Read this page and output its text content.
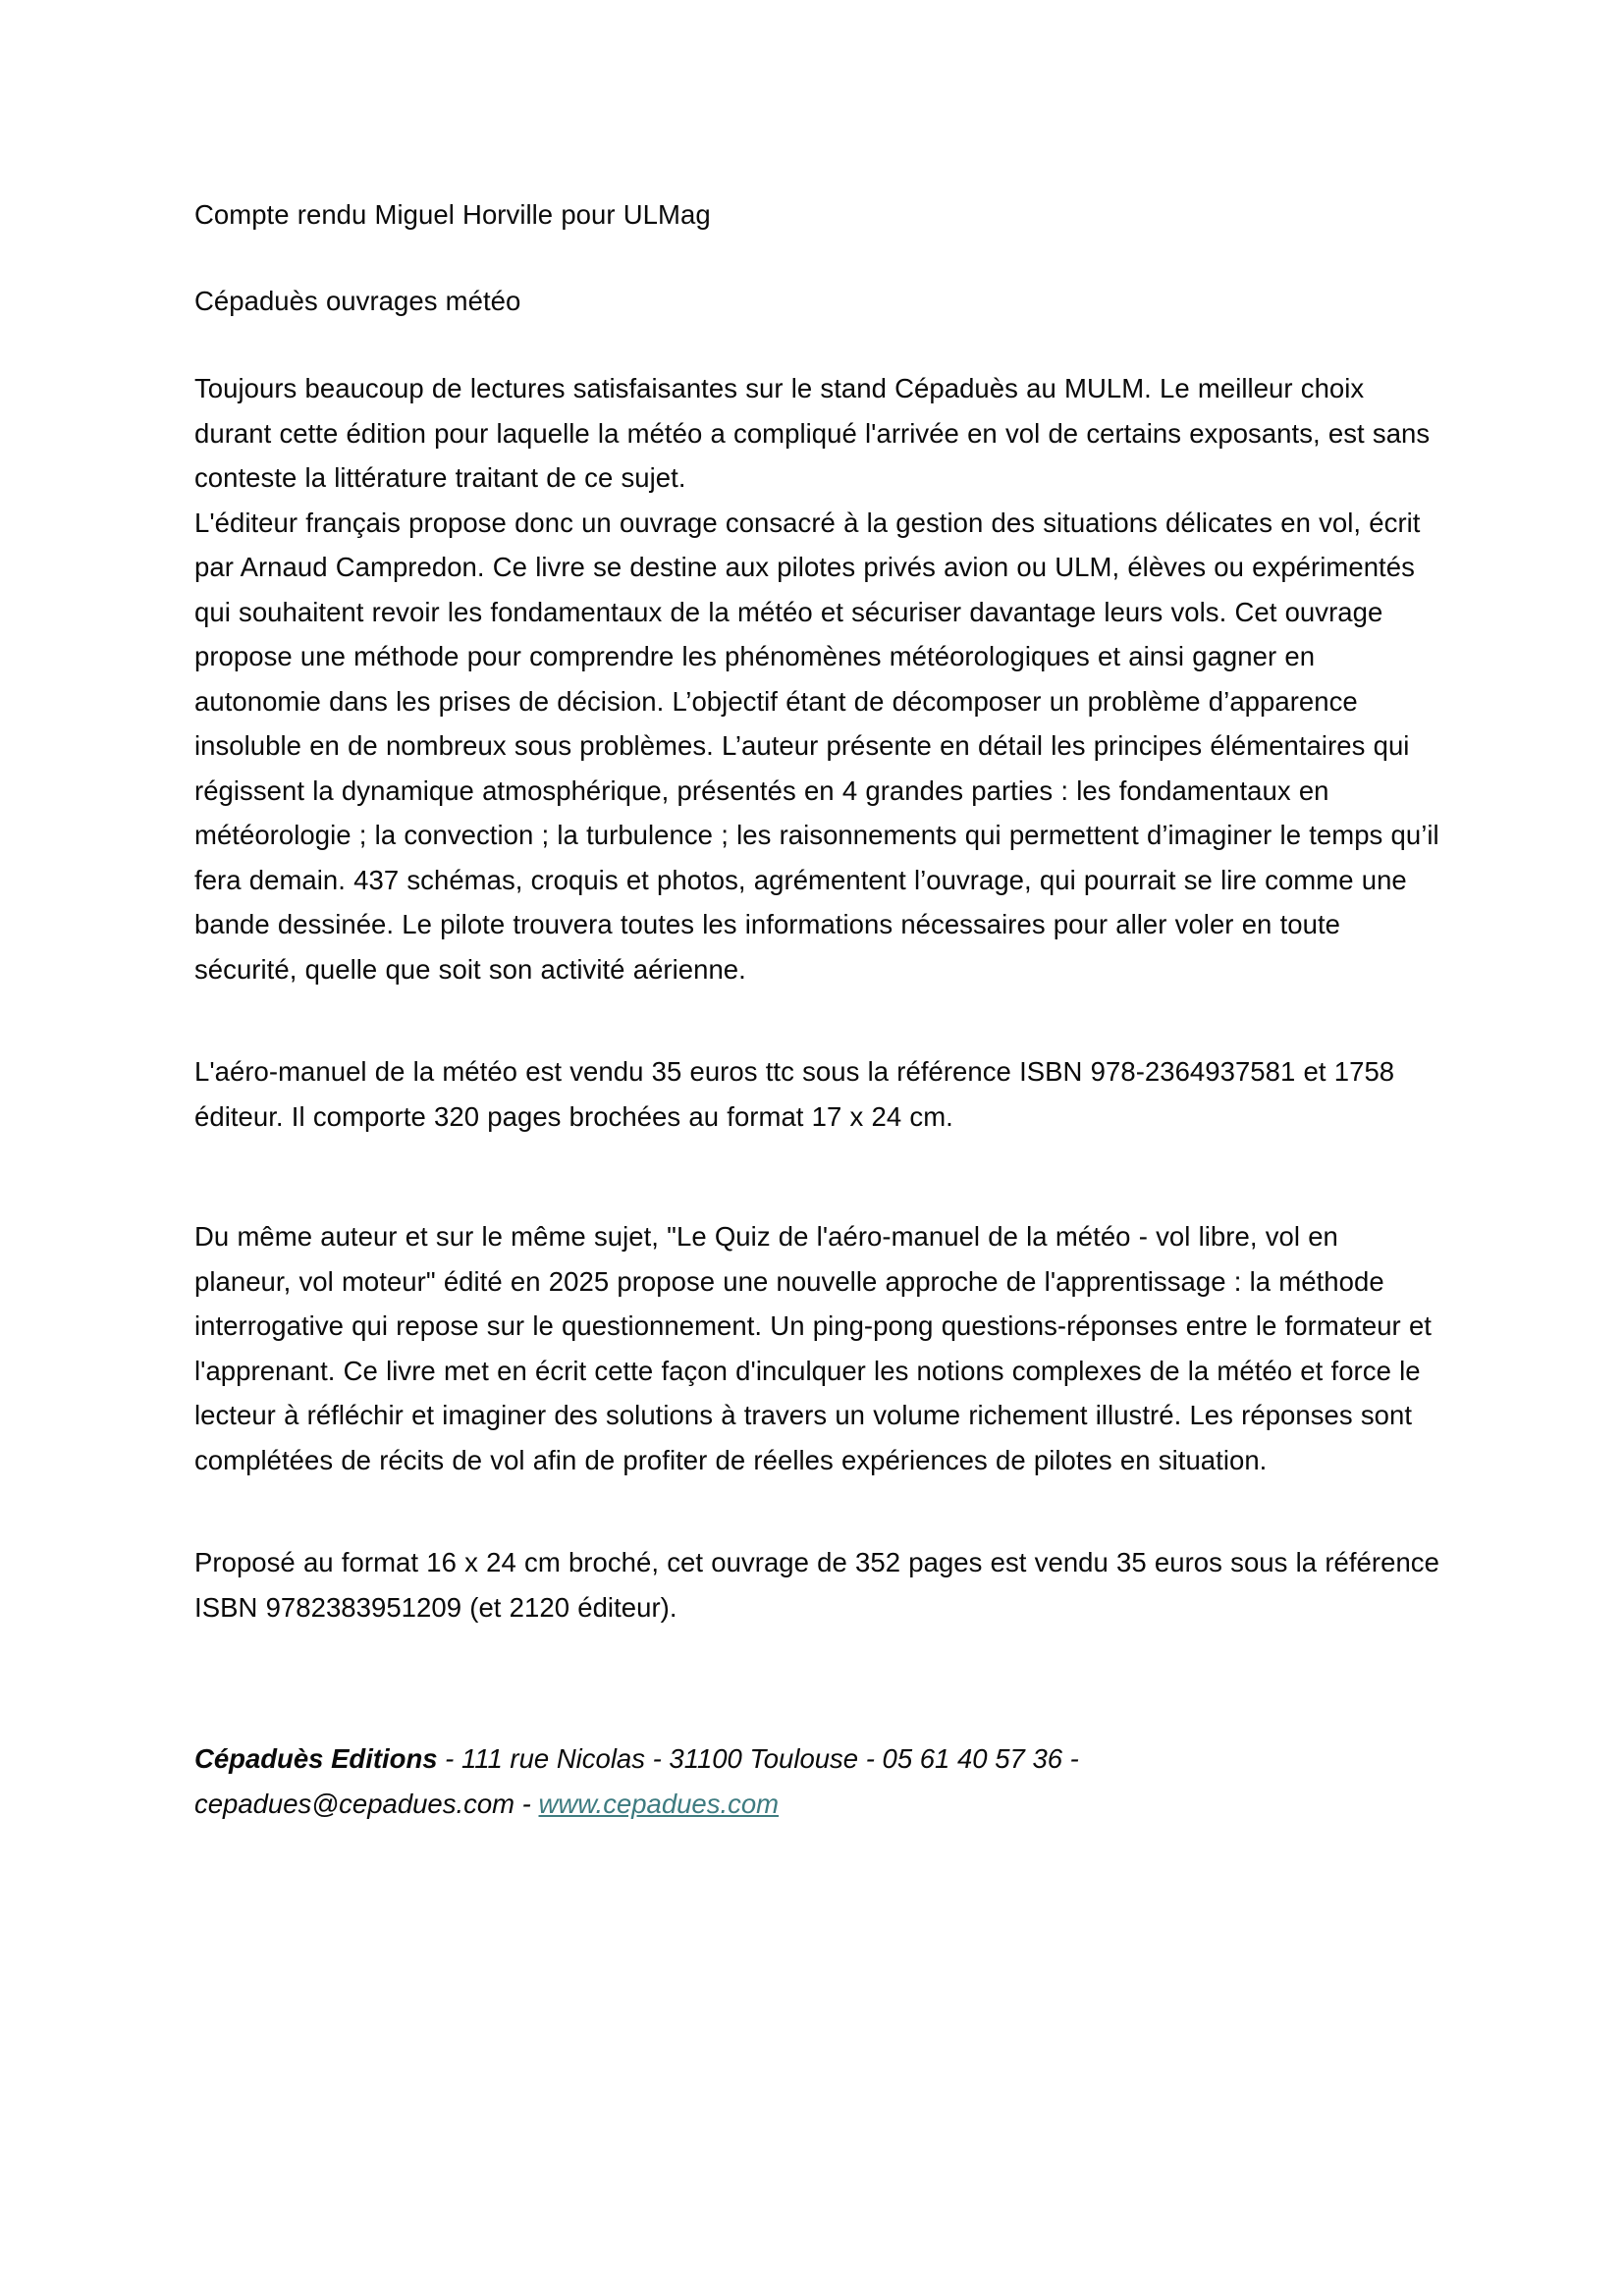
Compte rendu Miguel Horville pour ULMag

Cépaduès ouvrages météo

Toujours beaucoup de lectures satisfaisantes sur le stand Cépaduès au MULM. Le meilleur choix durant cette édition pour laquelle la météo a compliqué l'arrivée en vol de certains exposants, est sans conteste la littérature traitant de ce sujet.

L'éditeur français propose donc un ouvrage consacré à la gestion des situations délicates en vol, écrit par Arnaud Campredon. Ce livre se destine aux pilotes privés avion ou ULM, élèves ou expérimentés qui souhaitent revoir les fondamentaux de la météo et sécuriser davantage leurs vols. Cet ouvrage propose une méthode pour comprendre les phénomènes météorologiques et ainsi gagner en autonomie dans les prises de décision. L’objectif étant de décomposer un problème d’apparence insoluble en de nombreux sous problèmes. L’auteur présente en détail les principes élémentaires qui régissent la dynamique atmosphérique, présentés en 4 grandes parties : les fondamentaux en météorologie ; la convection ; la turbulence ; les raisonnements qui permettent d’imaginer le temps qu’il fera demain. 437 schémas, croquis et photos, agrémentent l’ouvrage, qui pourrait se lire comme une bande dessinée. Le pilote trouvera toutes les informations nécessaires pour aller voler en toute sécurité, quelle que soit son activité aérienne.

L'aéro-manuel de la météo est vendu 35 euros ttc sous la référence ISBN 978-2364937581 et 1758 éditeur. Il comporte 320 pages brochées au format 17 x 24 cm.

Du même auteur et sur le même sujet, "Le Quiz de l'aéro-manuel de la météo - vol libre, vol en planeur, vol moteur" édité en 2025 propose une nouvelle approche de l'apprentissage : la méthode interrogative qui repose sur le questionnement. Un ping-pong questions-réponses entre le formateur et l'apprenant. Ce livre met en écrit cette façon d'inculquer les notions complexes de la météo et force le lecteur à réfléchir et imaginer des solutions à travers un volume richement illustré. Les réponses sont complétées de récits de vol afin de profiter de réelles expériences de pilotes en situation.

Proposé au format 16 x 24 cm broché, cet ouvrage de 352 pages est vendu 35 euros sous la référence ISBN 9782383951209 (et 2120 éditeur).

Cépaduès Editions - 111 rue Nicolas - 31100 Toulouse - 05 61 40 57 36 -
cepadues@cepadues.com - www.cepadues.com
